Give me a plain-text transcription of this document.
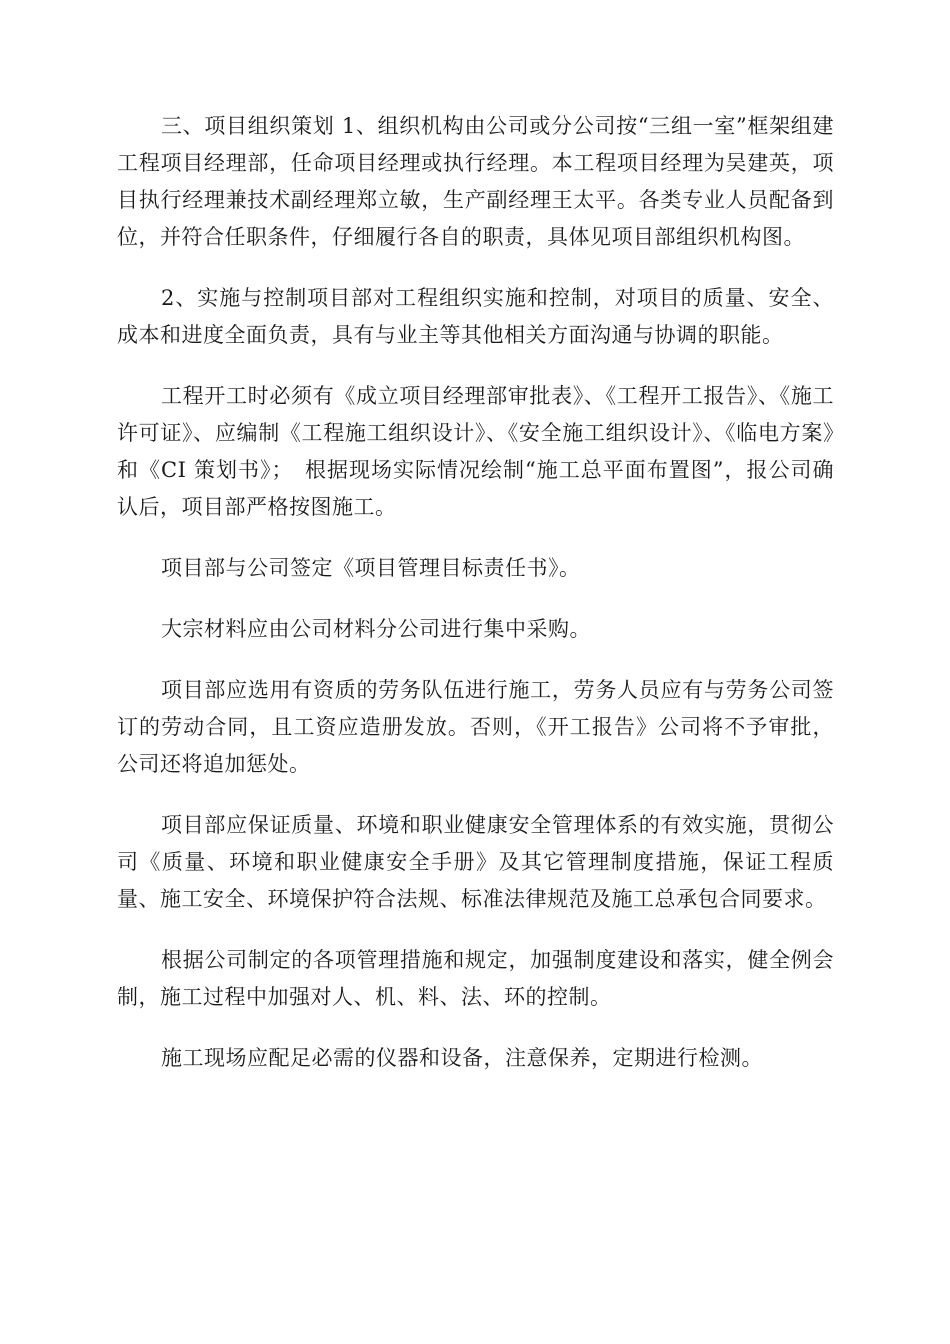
三、项目组织策划 1、组织机构由公司或分公司按“三组一室”框架组建工程项目经理部，任命项目经理或执行经理。本工程项目经理为吴建英，项目执行经理兼技术副经理郑立敏，生产副经理王太平。各类专业人员配备到位，并符合任职条件，仔细履行各自的职责，具体见项目部组织机构图。

2、实施与控制项目部对工程组织实施和控制，对项目的质量、安全、成本和进度全面负责，具有与业主等其他相关方面沟通与协调的职能。

工程开工时必须有《成立项目经理部审批表》、《工程开工报告》、《施工许可证》、应编制《工程施工组织设计》、《安全施工组织设计》、《临电方案》和《CI 策划书》；　根据现场实际情况绘制“施工总平面布置图”，报公司确认后，项目部严格按图施工。

项目部与公司签定《项目管理目标责任书》。

大宗材料应由公司材料分公司进行集中采购。

项目部应选用有资质的劳务队伍进行施工，劳务人员应有与劳务公司签订的劳动合同，且工资应造册发放。否则，《开工报告》公司将不予审批，公司还将追加惩处。

项目部应保证质量、环境和职业健康安全管理体系的有效实施，贯彻公司《质量、环境和职业健康安全手册》及其它管理制度措施，保证工程质量、施工安全、环境保护符合法规、标准法律规范及施工总承包合同要求。

根据公司制定的各项管理措施和规定，加强制度建设和落实，健全例会制，施工过程中加强对人、机、料、法、环的控制。

施工现场应配足必需的仪器和设备，注意保养，定期进行检测。
